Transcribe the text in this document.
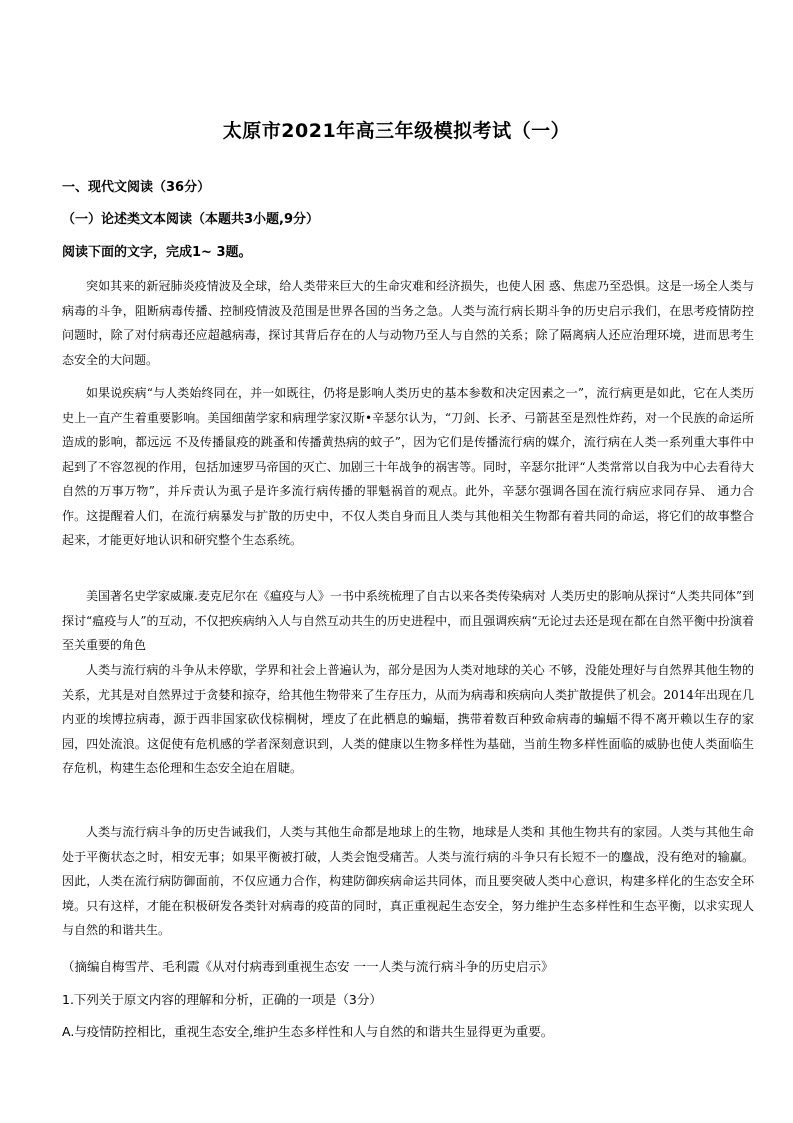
太原市2021年高三年级模拟考试（一）
一、现代文阅读（36分）
（一）论述类文本阅读（本题共3小题,9分）
阅读下面的文字，完成1~ 3题。

突如其来的新冠肺炎疫情波及全球，给人类带来巨大的生命灾难和经济损失，也使人困 惑、焦虑乃至恐惧。这是一场全人类与病毒的斗争，阻断病毒传播、控制疫情波及范围是世界各国的当务之急。人类与流行病长期斗争的历史启示我们，在思考疫情防控问题时，除了对付病毒还应超越病毒，探讨其背后存在的人与动物乃至人与自然的关系；除了隔离病人还应治理环境，进而思考生态安全的大问题。

如果说疾病“与人类始终同在，并一如既往，仍将是影响人类历史的基本参数和决定因素之一”，流行病更是如此，它在人类历史上一直产生着重要影响。美国细菌学家和病理学家汉斯•辛瑟尔认为，“刀剑、长矛、弓箭甚至是烈性炸药，对一个民族的命运所造成的影响，都远远 不及传播鼠疫的跳蚤和传播黄热病的蚊子”，因为它们是传播流行病的媒介，流行病在人类一系列重大事件中起到了不容忽视的作用，包括加速罗马帝国的灭亡、加剧三十年战争的祸害等。同时，辛瑟尔批评“人类常常以自我为中心去看待大自然的万事万物”，并斥责认为虱子是许多流行病传播的罪魁祸首的观点。此外，辛瑟尔强调各国在流行病应求同存异、 通力合作。这提醒着人们，在流行病暴发与扩散的历史中，不仅人类自身而且人类与其他相关生物都有着共同的命运，将它们的故事整合起来，才能更好地认识和研究整个生态系统。

美国著名史学家威廉.麦克尼尔在《瘟疫与人》一书中系统梳理了自古以来各类传染病对 人类历史的影响从探讨“人类共同体”到探讨“瘟疫与人”的互动，不仅把疾病纳入人与自然互动共生的历史进程中，而且强调疾病“无论过去还是现在都在自然平衡中扮演着至关重要的角色

人类与流行病的斗争从未停歇，学界和社会上普遍认为，部分是因为人类对地球的关心 不够，没能处理好与自然界其他生物的关系，尤其是对自然界过于贪婪和掠夺，给其他生物带来了生存压力，从而为病毒和疾病向人类扩散提供了机会。2014年出现在几内亚的埃博拉病毒，源于西非国家砍伐棕榈树，堙皮了在此栖息的蝙蝠，携带着数百种致命病毒的蝙蝠不得不离开赖以生存的家园，四处流浪。这促使有危机感的学者深刻意识到，人类的健康以生物多样性为基础，当前生物多样性面临的威胁也使人类面临生存危机，构建生态伦理和生态安全迫在眉睫。

人类与流行病斗争的历史告诫我们，人类与其他生命都是地球上的生物，地球是人类和 其他生物共有的家园。人类与其他生命处于平衡状态之时，相安无事；如果平衡被打破，人类会饱受痛苦。人类与流行病的斗争只有长短不一的鏖战，没有绝对的输赢。因此，人类在流行病防御面前，不仅应通力合作，构建防御疾病命运共同体，而且要突破人类中心意识，构建多样化的生态安全环境。只有这样，才能在积极研发各类针对病毒的疫苗的同时，真正重视起生态安全，努力维护生态多样性和生态平衡，以求实现人与自然的和谐共生。

（摘编自梅雪芹、毛利霞《从对付病毒到重视生态安 一一人类与流行病斗争的历史启示》
1.下列关于原文内容的理解和分析，正确的一项是（3分）
A.与疫情防控相比，重视生态安全,维护生态多样性和人与自然的和谐共生显得更为重要。
